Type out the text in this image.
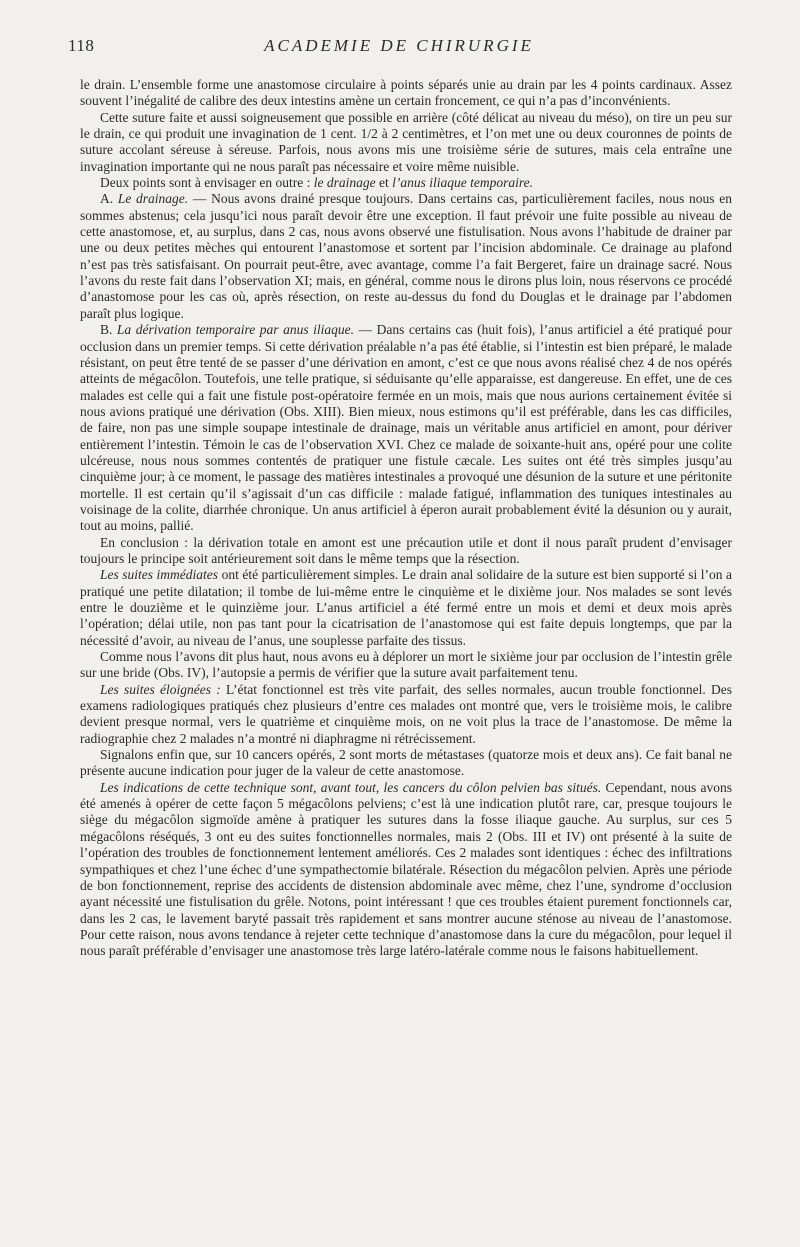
118	ACADEMIE DE CHIRURGIE

le drain. L’ensemble forme une anastomose circulaire à points séparés unie au drain par les 4 points cardinaux. Assez souvent l’inégalité de calibre des deux intestins amène un certain froncement, ce qui n’a pas d’inconvénients.

Cette suture faite et aussi soigneusement que possible en arrière (côté délicat au niveau du méso), on tire un peu sur le drain, ce qui produit une invagination de 1 cent. 1/2 à 2 centimètres, et l’on met une ou deux couronnes de points de suture accolant séreuse à séreuse. Parfois, nous avons mis une troisième série de sutures, mais cela entraîne une invagination importante qui ne nous paraît pas nécessaire et voire même nuisible.

Deux points sont à envisager en outre : le drainage et l’anus iliaque temporaire.

A. Le drainage. — Nous avons drainé presque toujours. Dans certains cas, particulièrement faciles, nous nous en sommes abstenus; cela jusqu’ici nous paraît devoir être une exception. Il faut prévoir une fuite possible au niveau de cette anastomose, et, au surplus, dans 2 cas, nous avons observé une fistulisation. Nous avons l’habitude de drainer par une ou deux petites mèches qui entourent l’anastomose et sortent par l’incision abdominale. Ce drainage au plafond n’est pas très satisfaisant. On pourrait peut-être, avec avantage, comme l’a fait Bergeret, faire un drainage sacré. Nous l’avons du reste fait dans l’observation XI; mais, en général, comme nous le dirons plus loin, nous réservons ce procédé d’anastomose pour les cas où, après résection, on reste au-dessus du fond du Douglas et le drainage par l’abdomen paraît plus logique.

B. La dérivation temporaire par anus iliaque. — Dans certains cas (huit fois), l’anus artificiel a été pratiqué pour occlusion dans un premier temps. Si cette dérivation préalable n’a pas été établie, si l’intestin est bien préparé, le malade résistant, on peut être tenté de se passer d’une dérivation en amont, c’est ce que nous avons réalisé chez 4 de nos opérés atteints de mégacôlon. Toutefois, une telle pratique, si séduisante qu’elle apparaisse, est dangereuse. En effet, une de ces malades est celle qui a fait une fistule post-opératoire fermée en un mois, mais que nous aurions certainement évitée si nous avions pratiqué une dérivation (Obs. XIII). Bien mieux, nous estimons qu’il est préférable, dans les cas difficiles, de faire, non pas une simple soupape intestinale de drainage, mais un véritable anus artificiel en amont, pour dériver entièrement l’intestin. Témoin le cas de l’observation XVI. Chez ce malade de soixante-huit ans, opéré pour une colite ulcéreuse, nous nous sommes contentés de pratiquer une fistule cæcale. Les suites ont été très simples jusqu’au cinquième jour; à ce moment, le passage des matières intestinales a provoqué une désunion de la suture et une péritonite mortelle. Il est certain qu’il s’agissait d’un cas difficile : malade fatigué, inflammation des tuniques intestinales au voisinage de la colite, diarrhée chronique. Un anus artificiel à éperon aurait probablement évité la désunion ou y aurait, tout au moins, pallié.

En conclusion : la dérivation totale en amont est une précaution utile et dont il nous paraît prudent d’envisager toujours le principe soit antérieurement soit dans le même temps que la résection.

Les suites immédiates ont été particulièrement simples. Le drain anal solidaire de la suture est bien supporté si l’on a pratiqué une petite dilatation; il tombe de lui-même entre le cinquième et le dixième jour. Nos malades se sont levés entre le douzième et le quinzième jour. L’anus artificiel a été fermé entre un mois et demi et deux mois après l’opération; délai utile, non pas tant pour la cicatrisation de l’anastomose qui est faite depuis longtemps, que par la nécessité d’avoir, au niveau de l’anus, une souplesse parfaite des tissus.

Comme nous l’avons dit plus haut, nous avons eu à déplorer un mort le sixième jour par occlusion de l’intestin grêle sur une bride (Obs. IV), l’autopsie a permis de vérifier que la suture avait parfaitement tenu.

Les suites éloignées : L’état fonctionnel est très vite parfait, des selles normales, aucun trouble fonctionnel. Des examens radiologiques pratiqués chez plusieurs d’entre ces malades ont montré que, vers le troisième mois, le calibre devient presque normal, vers le quatrième et cinquième mois, on ne voit plus la trace de l’anastomose. De même la radiographie chez 2 malades n’a montré ni diaphragme ni rétrécissement.

Signalons enfin que, sur 10 cancers opérés, 2 sont morts de métastases (quatorze mois et deux ans). Ce fait banal ne présente aucune indication pour juger de la valeur de cette anastomose.

Les indications de cette technique sont, avant tout, les cancers du côlon pelvien bas situés. Cependant, nous avons été amenés à opérer de cette façon 5 mégacôlons pelviens; c’est là une indication plutôt rare, car, presque toujours le siège du mégacôlon sigmoïde amène à pratiquer les sutures dans la fosse iliaque gauche. Au surplus, sur ces 5 mégacôlons réséqués, 3 ont eu des suites fonctionnelles normales, mais 2 (Obs. III et IV) ont présenté à la suite de l’opération des troubles de fonctionnement lentement améliorés. Ces 2 malades sont identiques : échec des infiltrations sympathiques et chez l’une échec d’une sympathectomie bilatérale. Résection du mégacôlon pelvien. Après une période de bon fonctionnement, reprise des accidents de distension abdominale avec même, chez l’une, syndrome d’occlusion ayant nécessité une fistulisation du grêle. Notons, point intéressant ! que ces troubles étaient purement fonctionnels car, dans les 2 cas, le lavement baryté passait très rapidement et sans montrer aucune sténose au niveau de l’anastomose. Pour cette raison, nous avons tendance à rejeter cette technique d’anastomose dans la cure du mégacôlon, pour lequel il nous paraît préférable d’envisager une anastomose très large latéro-latérale comme nous le faisons habituellement.
